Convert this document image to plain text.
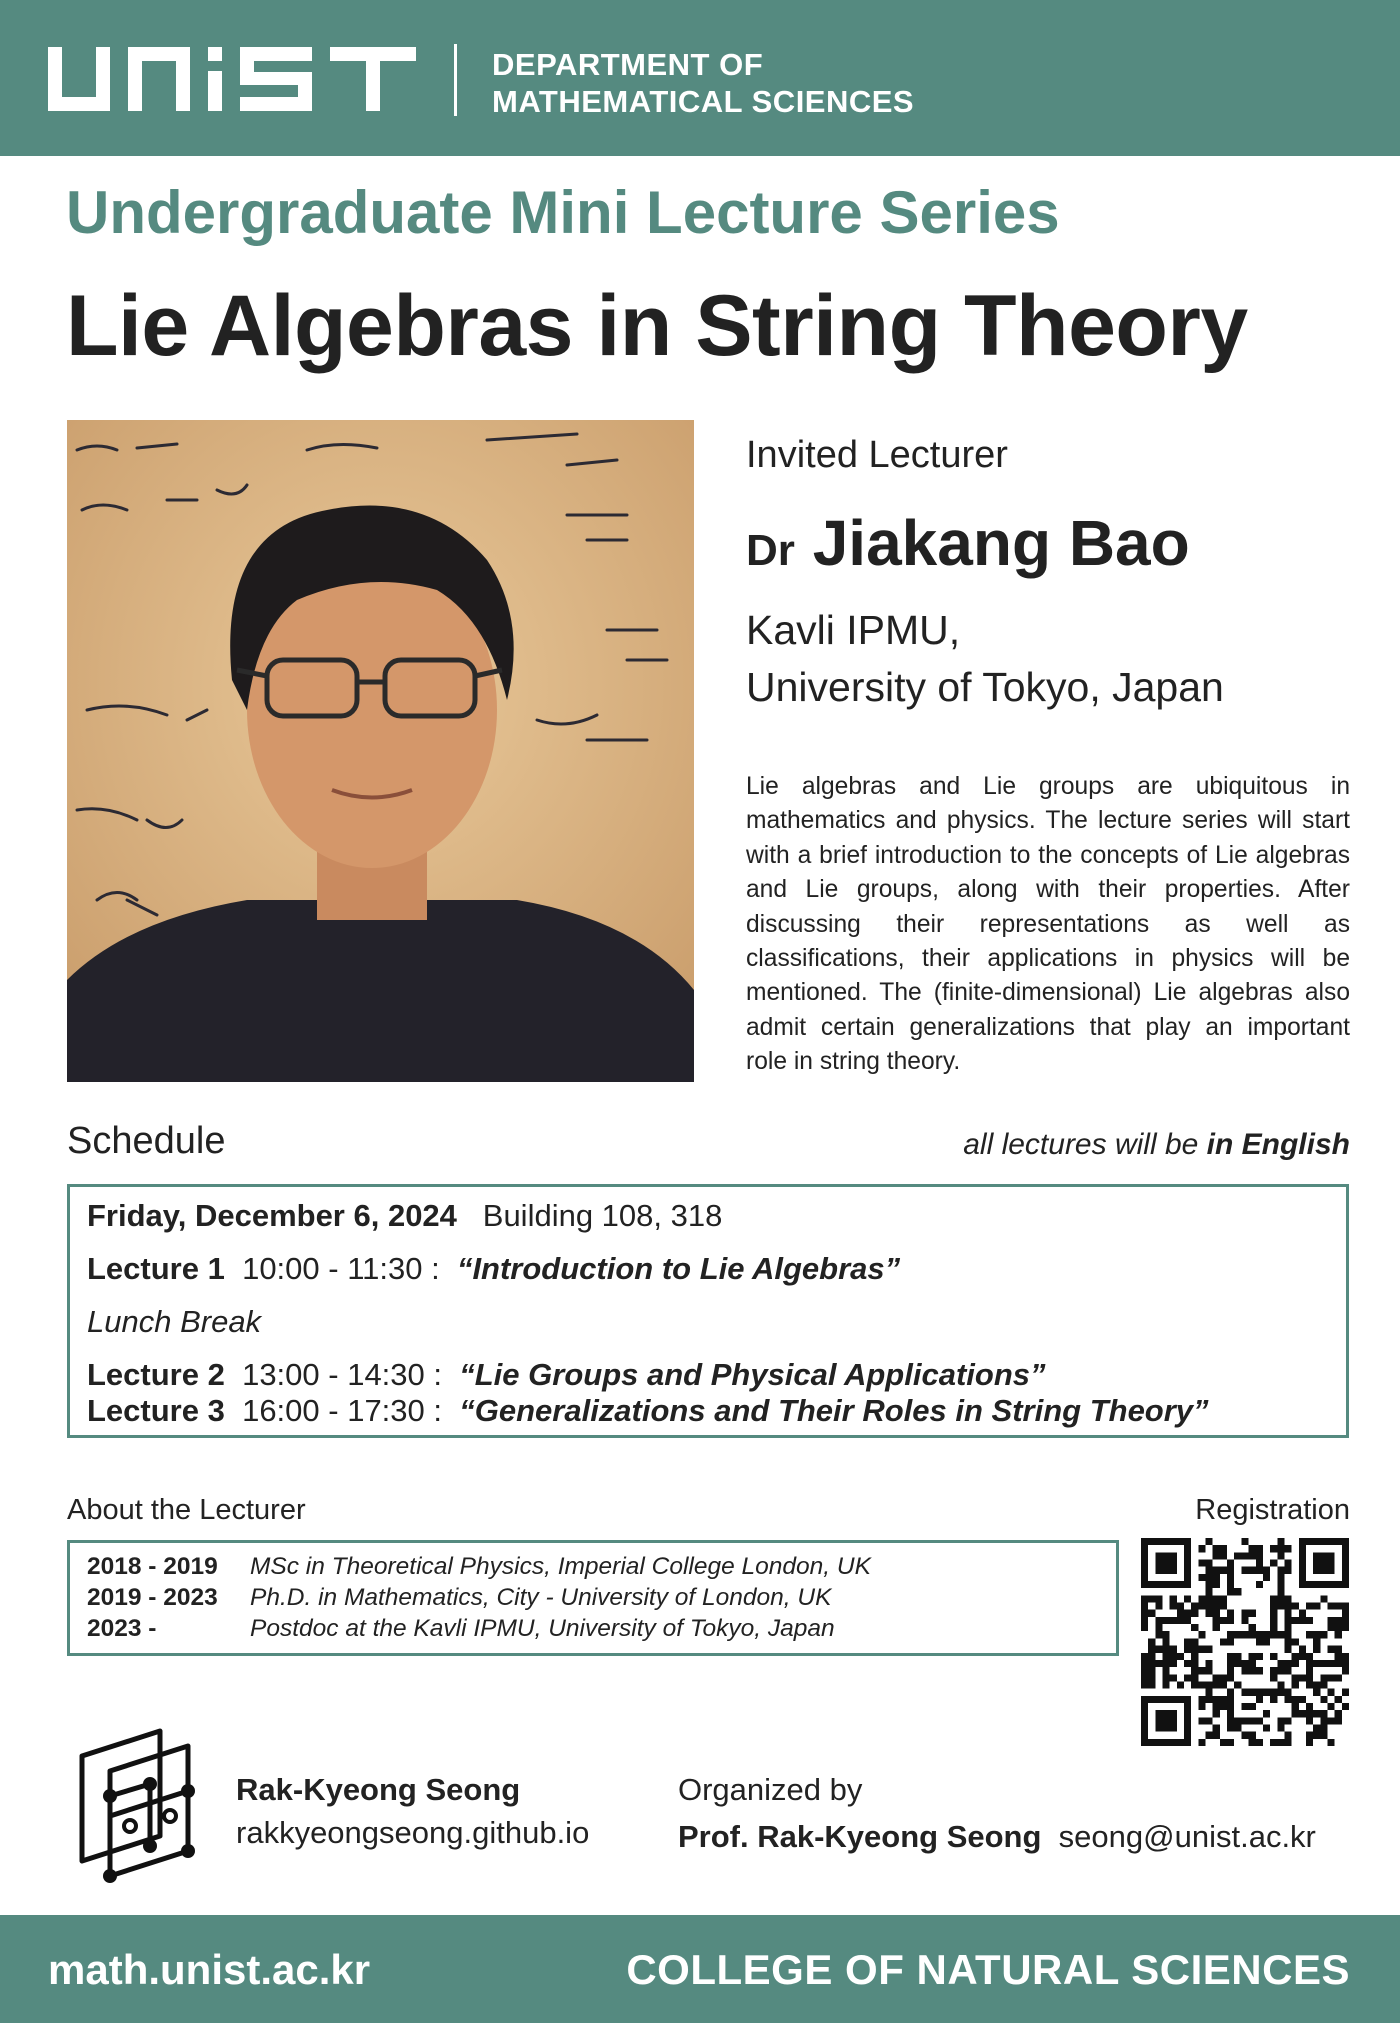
DEPARTMENT OF
MATHEMATICAL SCIENCES
Undergraduate Mini Lecture Series
Lie Algebras in String Theory
Invited Lecturer
Dr Jiakang Bao
Kavli IPMU,
University of Tokyo, Japan
Lie algebras and Lie groups are ubiquitous in mathematics and physics. The lecture series will start with a brief introduction to the concepts of Lie algebras and Lie groups, along with their properties. After discussing their representations as well as classifications, their applications in physics will be mentioned. The (finite-dimensional) Lie algebras also admit certain generalizations that play an important role in string theory.
Schedule	all lectures will be in English
Friday, December 6, 2024 Building 108, 318
Lecture 1 10:00 - 11:30 : “Introduction to Lie Algebras”
Lunch Break
Lecture 2 13:00 - 14:30 : “Lie Groups and Physical Applications”
Lecture 3 16:00 - 17:30 : “Generalizations and Their Roles in String Theory”
About the Lecturer	Registration
2018 - 2019 MSc in Theoretical Physics, Imperial College London, UK
2019 - 2023 Ph.D. in Mathematics, City - University of London, UK
2023 -	Postdoc at the Kavli IPMU, University of Tokyo, Japan
Rak-Kyeong Seong
rakkyeongseong.github.io
Organized by
Prof. Rak-Kyeong Seong seong@unist.ac.kr
math.unist.ac.kr	COLLEGE OF NATURAL SCIENCES
